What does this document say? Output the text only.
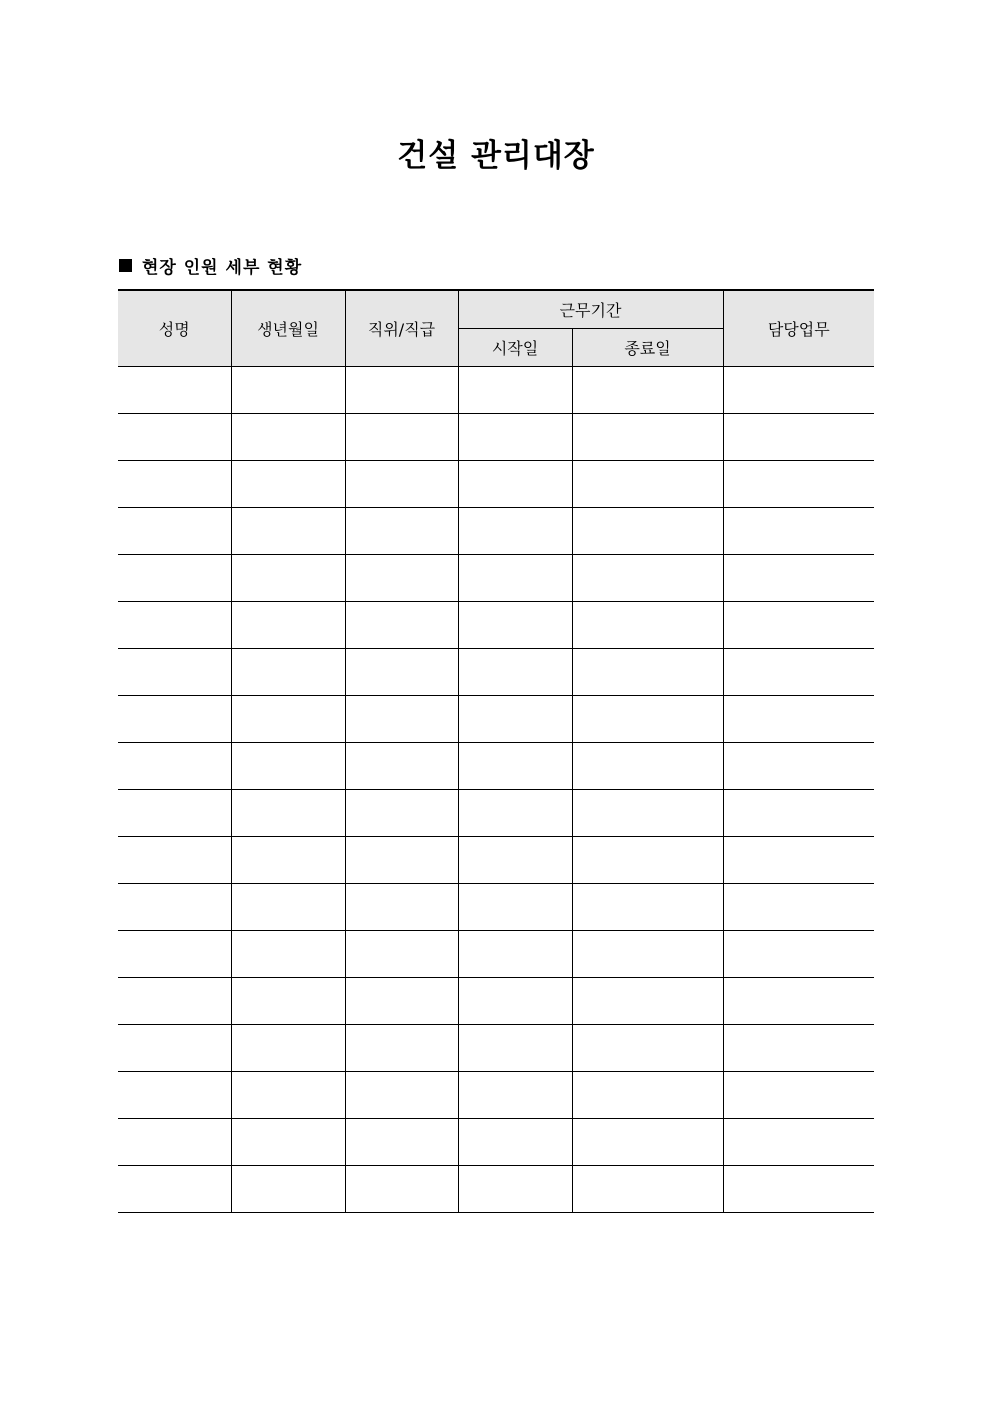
건설 관리대장
현장 인원 세부 현황
성명	생년월일	직위/직급	근무기간		담당업무
			시작일	종료일	
